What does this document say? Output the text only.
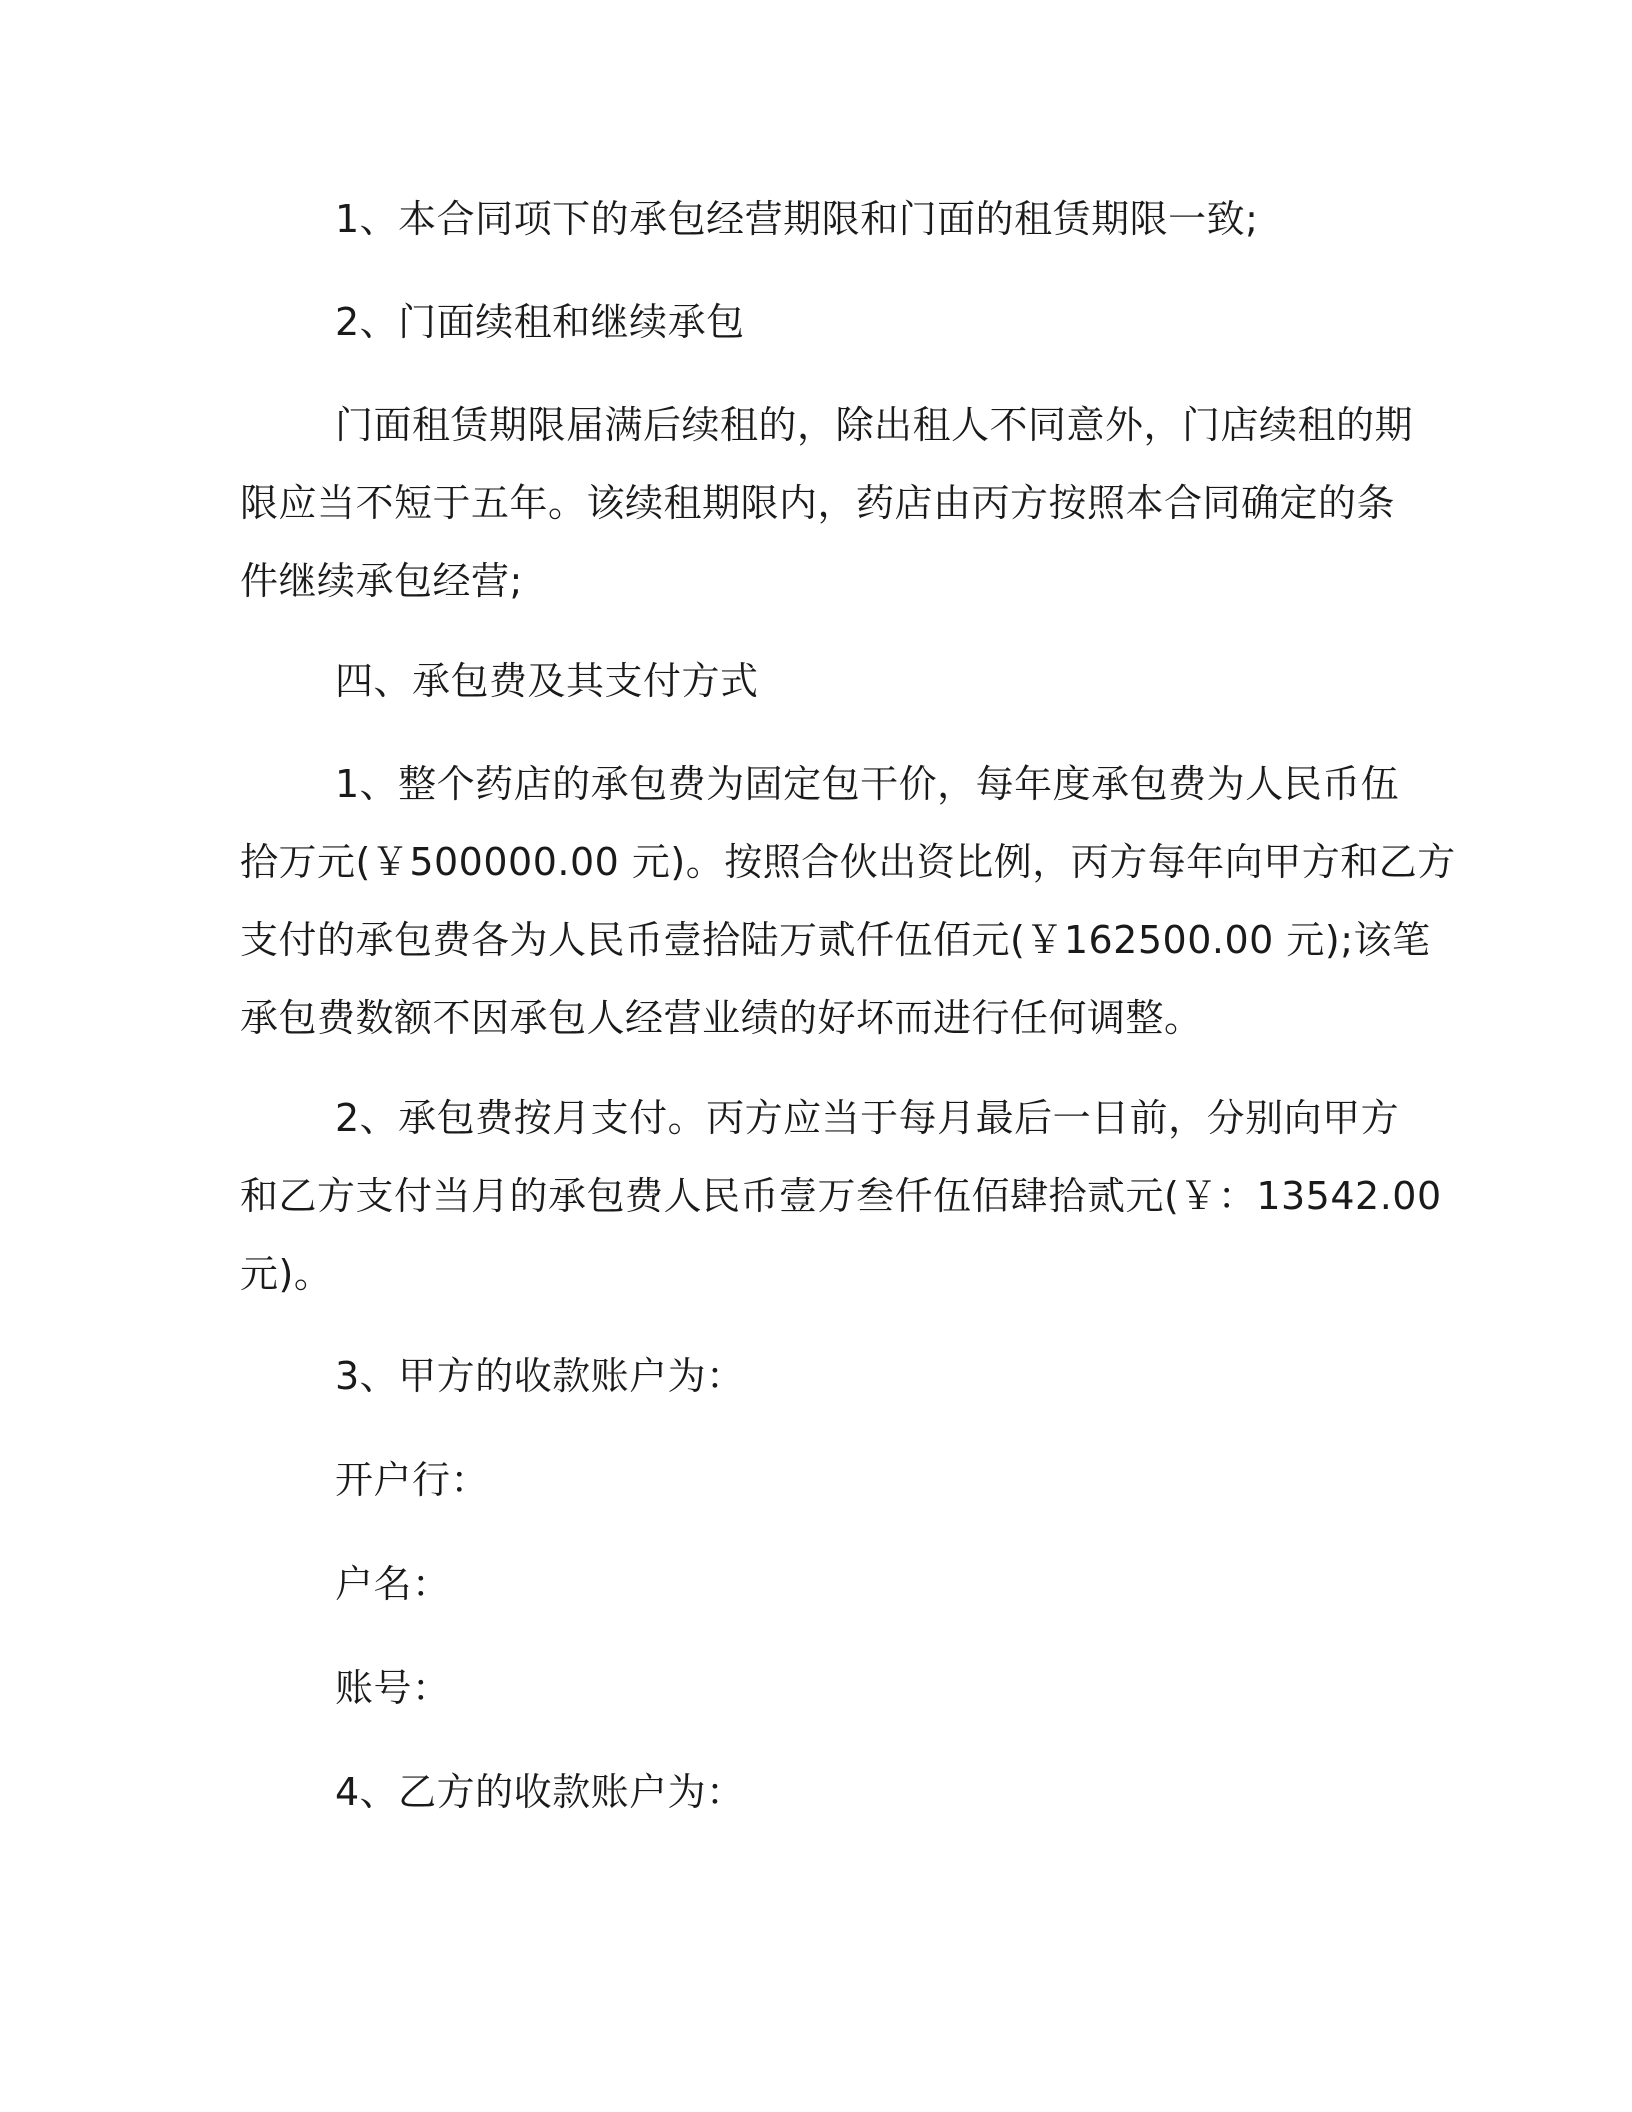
1、本合同项下的承包经营期限和门面的租赁期限一致;
2、门面续租和继续承包
门面租赁期限届满后续租的，除出租人不同意外，门店续租的期
限应当不短于五年。该续租期限内，药店由丙方按照本合同确定的条
件继续承包经营;
四、承包费及其支付方式
1、整个药店的承包费为固定包干价，每年度承包费为人民币伍
拾万元(￥500000.00 元)。按照合伙出资比例，丙方每年向甲方和乙方
支付的承包费各为人民币壹拾陆万贰仟伍佰元(￥162500.00 元);该笔
承包费数额不因承包人经营业绩的好坏而进行任何调整。
2、承包费按月支付。丙方应当于每月最后一日前，分别向甲方
和乙方支付当月的承包费人民币壹万叁仟伍佰肆拾贰元(￥：13542.00
元)。
3、甲方的收款账户为：
开户行：
户名：
账号：
4、乙方的收款账户为：
